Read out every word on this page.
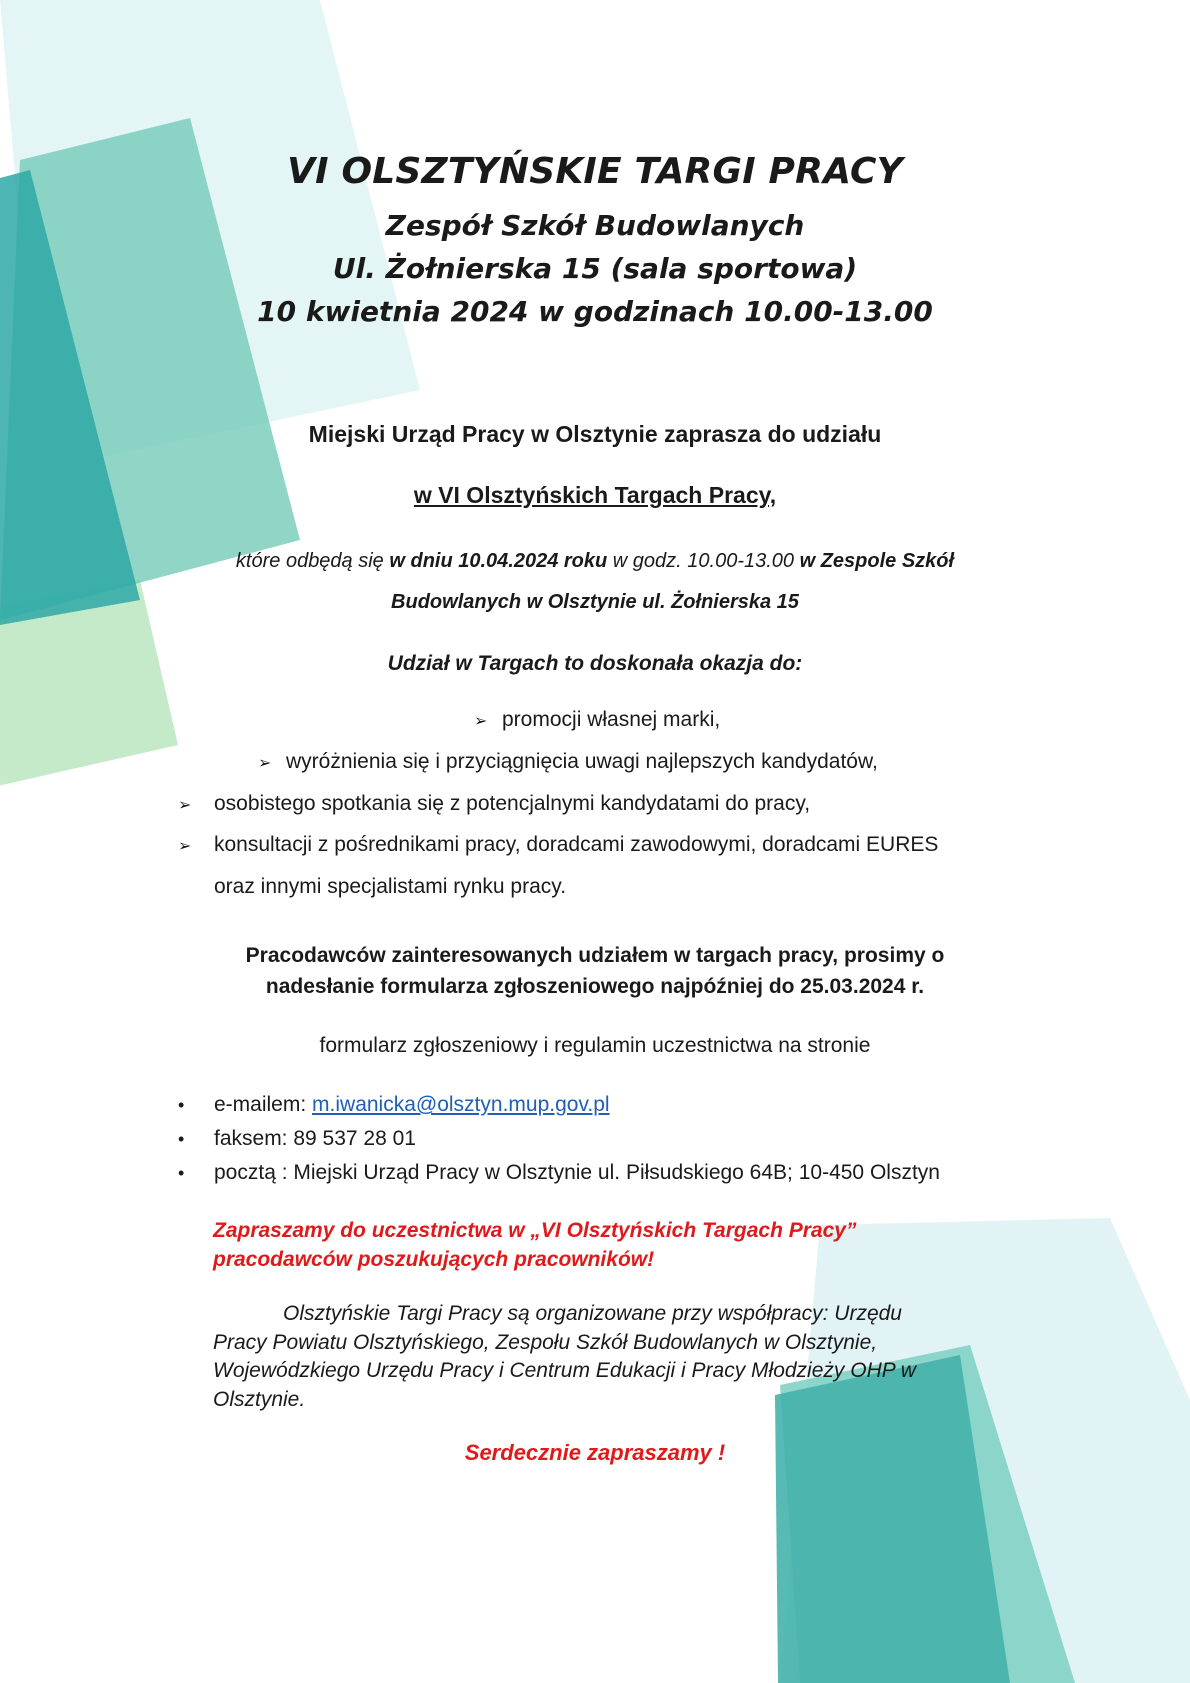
VI OLSZTYŃSKIE TARGI PRACY
Zespół Szkół Budowlanych
Ul. Żołnierska 15 (sala sportowa)
10 kwietnia 2024 w godzinach 10.00-13.00
Miejski Urząd Pracy w Olsztynie zaprasza do udziału
w VI Olsztyńskich Targach Pracy,
które odbędą się w dniu 10.04.2024 roku w godz. 10.00-13.00 w Zespole Szkół
Budowlanych w Olsztynie ul. Żołnierska 15
Udział w Targach to doskonała okazja do:
➢ promocji własnej marki,
➢ wyróżnienia się i przyciągnięcia uwagi najlepszych kandydatów,
➢ osobistego spotkania się z potencjalnymi kandydatami do pracy,
➢ konsultacji z pośrednikami pracy, doradcami zawodowymi, doradcami EURES
oraz innymi specjalistami rynku pracy.
Pracodawców zainteresowanych udziałem w targach pracy, prosimy o
nadesłanie formularza zgłoszeniowego najpóźniej do 25.03.2024 r.
formularz zgłoszeniowy i regulamin uczestnictwa na stronie
• e-mailem: m.iwanicka@olsztyn.mup.gov.pl
• faksem: 89 537 28 01
• pocztą : Miejski Urząd Pracy w Olsztynie ul. Piłsudskiego 64B; 10-450 Olsztyn
Zapraszamy do uczestnictwa w „VI Olsztyńskich Targach Pracy”
pracodawców poszukujących pracowników!
Olsztyńskie Targi Pracy są organizowane przy współpracy: Urzędu
Pracy Powiatu Olsztyńskiego, Zespołu Szkół Budowlanych w Olsztynie,
Wojewódzkiego Urzędu Pracy i Centrum Edukacji i Pracy Młodzieży OHP w
Olsztynie.
Serdecznie zapraszamy !
